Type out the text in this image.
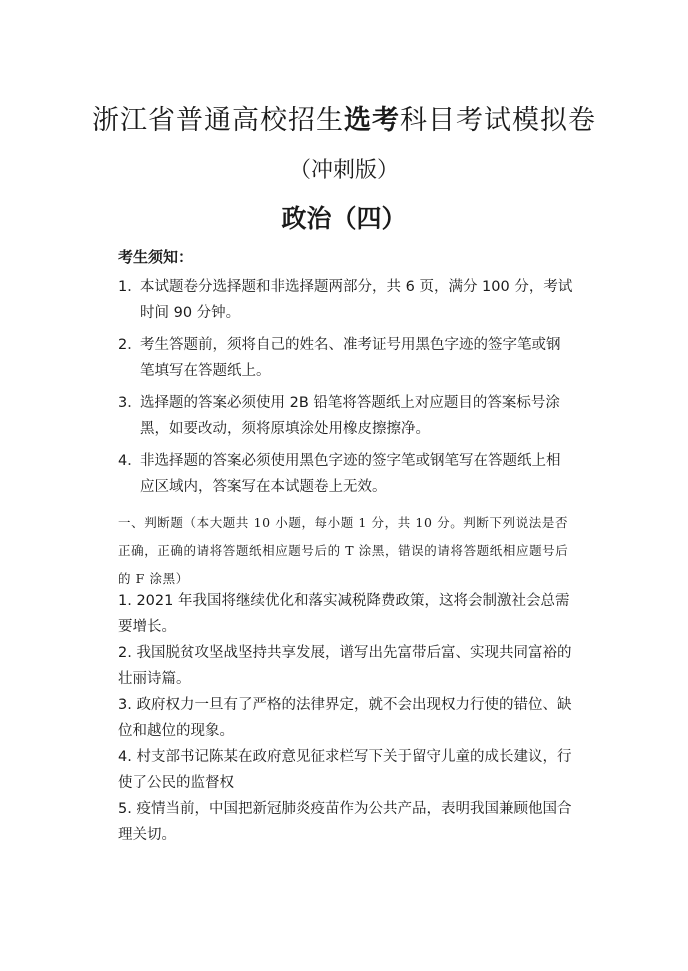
浙江省普通高校招生选考科目考试模拟卷
（冲刺版）
政治（四）
考生须知：
1．
本试题卷分选择题和非选择题两部分，共 6 页，满分 100 分，考试时间 90 分钟。
2．
考生答题前，须将自己的姓名、准考证号用黑色字迹的签字笔或钢笔填写在答题纸上。
3．
选择题的答案必须使用 2B 铅笔将答题纸上对应题目的答案标号涂黑，如要改动，须将原填涂处用橡皮擦擦净。
4．
非选择题的答案必须使用黑色字迹的签字笔或钢笔写在答题纸上相应区域内，答案写在本试题卷上无效。
一、判断题（本大题共 10 小题，每小题 1 分，共 10 分。判断下列说法是否正确，正确的请将答题纸相应题号后的 T 涂黑，错误的请将答题纸相应题号后的 F 涂黑）
1. 2021 年我国将继续优化和落实减税降费政策，这将会制激社会总需要增长。
2. 我国脱贫攻坚战坚持共享发展，谱写出先富带后富、实现共同富裕的壮丽诗篇。
3. 政府权力一旦有了严格的法律界定，就不会出现权力行使的错位、缺位和越位的现象。
4. 村支部书记陈某在政府意见征求栏写下关于留守儿童的成长建议，行使了公民的监督权
5. 疫情当前，中国把新冠肺炎疫苗作为公共产品，表明我国兼顾他国合理关切。
